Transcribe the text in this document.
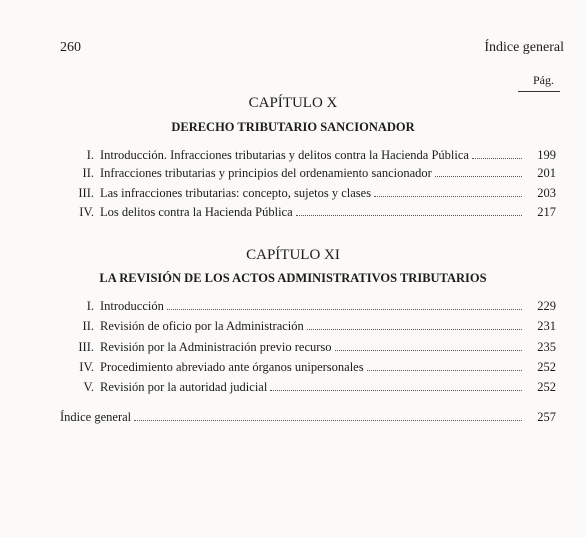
260	Índice general
Pág.
CAPÍTULO X
DERECHO TRIBUTARIO SANCIONADOR
I. Introducción. Infracciones tributarias y delitos contra la Hacienda Pública	199
II. Infracciones tributarias y principios del ordenamiento sancionador	201
III. Las infracciones tributarias: concepto, sujetos y clases	203
IV. Los delitos contra la Hacienda Pública	217
CAPÍTULO XI
LA REVISIÓN DE LOS ACTOS ADMINISTRATIVOS TRIBUTARIOS
I. Introducción	229
II. Revisión de oficio por la Administración	231
III. Revisión por la Administración previo recurso	235
IV. Procedimiento abreviado ante órganos unipersonales	252
V. Revisión por la autoridad judicial	252
Índice general	257
